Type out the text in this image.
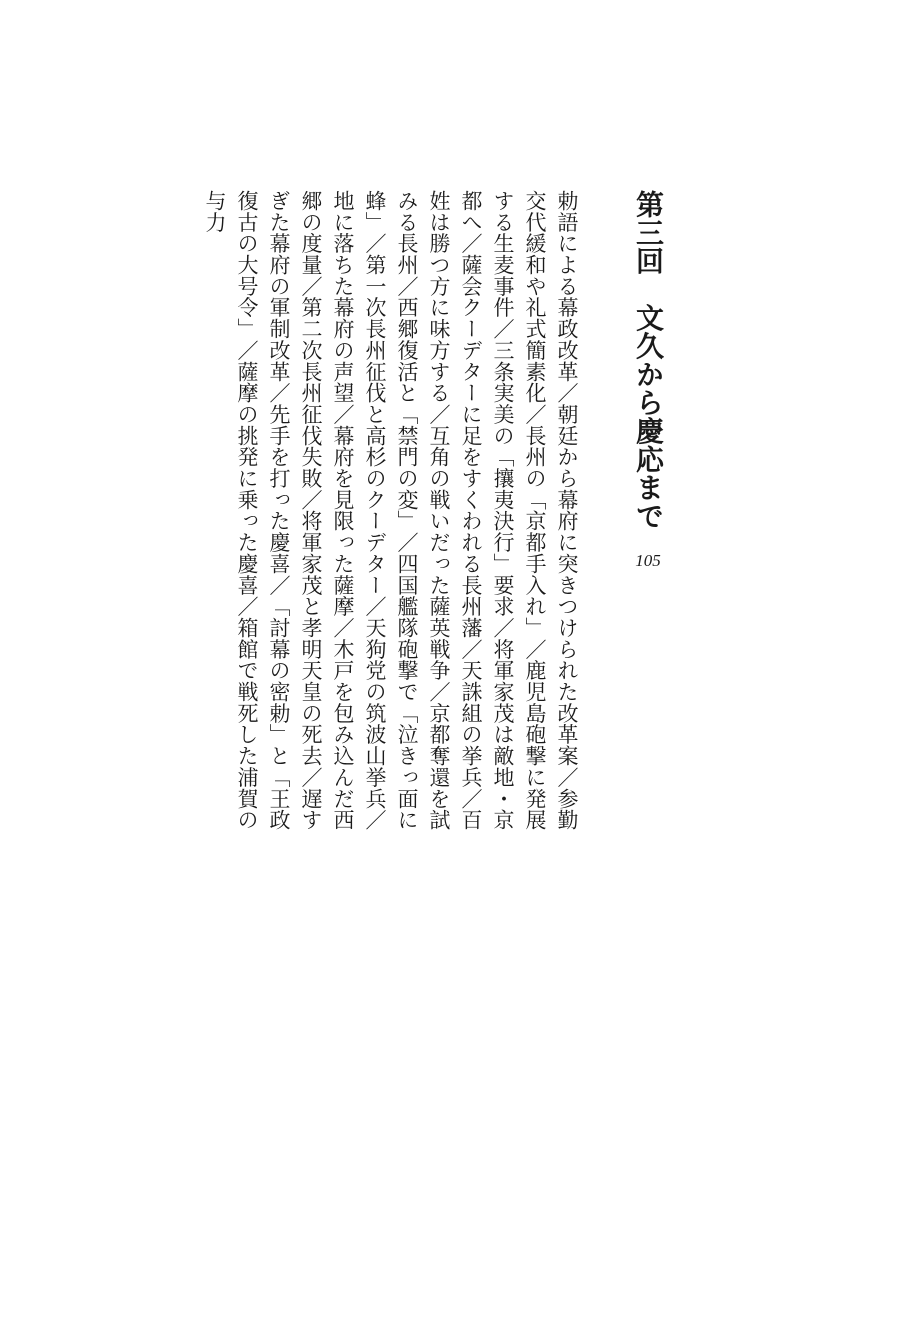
第三回　文久から慶応まで
105

勅語による幕政改革／朝廷から幕府に突きつけられた改革案／参勤

交代緩和や礼式簡素化／長州の「京都手入れ」／鹿児島砲撃に発展

する生麦事件／三条実美の「攘夷決行」要求／将軍家茂は敵地・京

都へ／薩会クーデターに足をすくわれる長州藩／天誅組の挙兵／百

姓は勝つ方に味方する／互角の戦いだった薩英戦争／京都奪還を試

みる長州／西郷復活と「禁門の変」／四国艦隊砲撃で「泣きっ面に

蜂」／第一次長州征伐と高杉のクーデター／天狗党の筑波山挙兵／

地に落ちた幕府の声望／幕府を見限った薩摩／木戸を包み込んだ西

郷の度量／第二次長州征伐失敗／将軍家茂と孝明天皇の死去／遅す

ぎた幕府の軍制改革／先手を打った慶喜／「討幕の密勅」と「王政

復古の大号令」／薩摩の挑発に乗った慶喜／箱館で戦死した浦賀の

与力
